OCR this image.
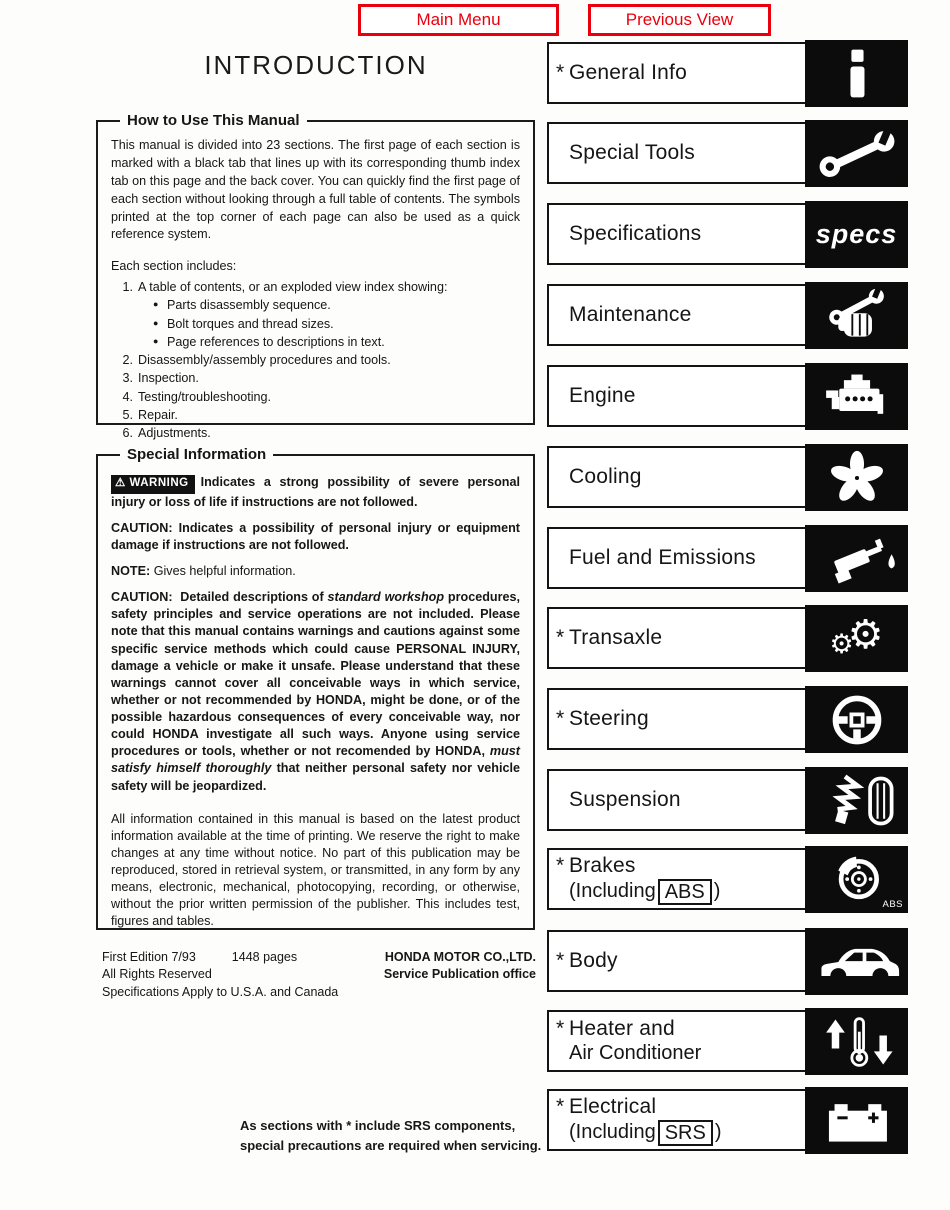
Main Menu	Previous View
INTRODUCTION
How to Use This Manual

This manual is divided into 23 sections. The first page of each section is marked with a black tab that lines up with its corresponding thumb index tab on this page and the back cover. You can quickly find the first page of each section without looking through a full table of contents. The symbols printed at the top corner of each page can also be used as a quick reference system.

Each section includes:

1. A table of contents, or an exploded view index showing:
● Parts disassembly sequence.
● Bolt torques and thread sizes.
● Page references to descriptions in text.
2. Disassembly/assembly procedures and tools.
3. Inspection.
4. Testing/troubleshooting.
5. Repair.
6. Adjustments.
Special Information

⚠ WARNING Indicates a strong possibility of severe personal injury or loss of life if instructions are not followed.

CAUTION: Indicates a possibility of personal injury or equipment damage if instructions are not followed.

NOTE: Gives helpful information.

CAUTION: Detailed descriptions of standard workshop procedures, safety principles and service operations are not included. Please note that this manual contains warnings and cautions against some specific service methods which could cause PERSONAL INJURY, damage a vehicle or make it unsafe. Please understand that these warnings cannot cover all conceivable ways in which service, whether or not recommended by HONDA, might be done, or of the possible hazardous consequences of every conceivable way, nor could HONDA investigate all such ways. Anyone using service procedures or tools, whether or not recomended by HONDA, must satisfy himself thoroughly that neither personal safety nor vehicle safety will be jeopardized.

All information contained in this manual is based on the latest product information available at the time of printing. We reserve the right to make changes at any time without notice. No part of this publication may be reproduced, stored in retrieval system, or transmitted, in any form by any means, electronic, mechanical, photocopying, recording, or otherwise, without the prior written permission of the publisher. This includes test, figures and tables.

First Edition 7/93	1448 pages
All Rights Reserved
Specifications Apply to U.S.A. and Canada
HONDA MOTOR CO.,LTD.
Service Publication office
As sections with * include SRS components,
special precautions are required when servicing.
* General Info
Special Tools
Specifications	specs
Maintenance
Engine
Cooling
Fuel and Emissions
* Transaxle	⚙
⚙
* Steering
Suspension
* Brakes
(Including ABS )
ABS
* Body
* Heater and
Air Conditioner
* Electrical
(Including SRS )
